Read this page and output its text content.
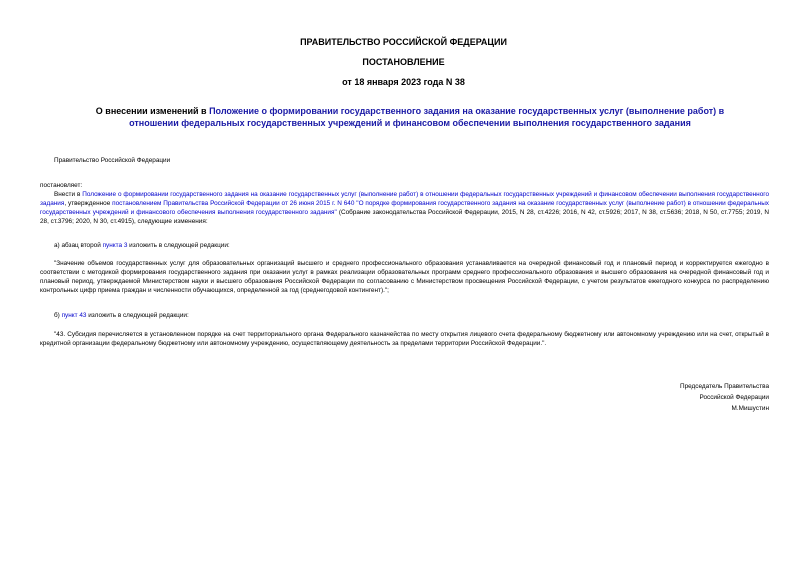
ПРАВИТЕЛЬСТВО РОССИЙСКОЙ ФЕДЕРАЦИИ
ПОСТАНОВЛЕНИЕ
от 18 января 2023 года N 38
О внесении изменений в Положение о формировании государственного задания на оказание государственных услуг (выполнение работ) в отношении федеральных государственных учреждений и финансовом обеспечении выполнения государственного задания
Правительство Российской Федерации
постановляет:
Внести в Положение о формировании государственного задания на оказание государственных услуг (выполнение работ) в отношении федеральных государственных учреждений и финансовом обеспечении выполнения государственного задания, утвержденное постановлением Правительства Российской Федерации от 26 июня 2015 г. N 640 "О порядке формирования государственного задания на оказание государственных услуг (выполнение работ) в отношении федеральных государственных учреждений и финансового обеспечения выполнения государственного задания" (Собрание законодательства Российской Федерации, 2015, N 28, ст.4226; 2016, N 42, ст.5926; 2017, N 38, ст.5636; 2018, N 50, ст.7755; 2019, N 28, ст.3796; 2020, N 30, ст.4915), следующие изменения:
а) абзац второй пункта 3 изложить в следующей редакции:
"Значение объемов государственных услуг для образовательных организаций высшего и среднего профессионального образования устанавливается на очередной финансовый год и плановый период и корректируется ежегодно в соответствии с методикой формирования государственного задания при оказании услуг в рамках реализации образовательных программ среднего профессионального образования и высшего образования на очередной финансовый год и плановый период, утверждаемой Министерством науки и высшего образования Российской Федерации по согласованию с Министерством просвещения Российской Федерации, с учетом результатов ежегодного конкурса по распределению контрольных цифр приема граждан и численности обучающихся, определенной за год (среднегодовой контингент).";
б) пункт 43 изложить в следующей редакции:
"43. Субсидия перечисляется в установленном порядке на счет территориального органа Федерального казначейства по месту открытия лицевого счета федеральному бюджетному или автономному учреждению или на счет, открытый в кредитной организации федеральному бюджетному или автономному учреждению, осуществляющему деятельность за пределами территории Российской Федерации.".
Председатель Правительства
Российской Федерации
М.Мишустин
